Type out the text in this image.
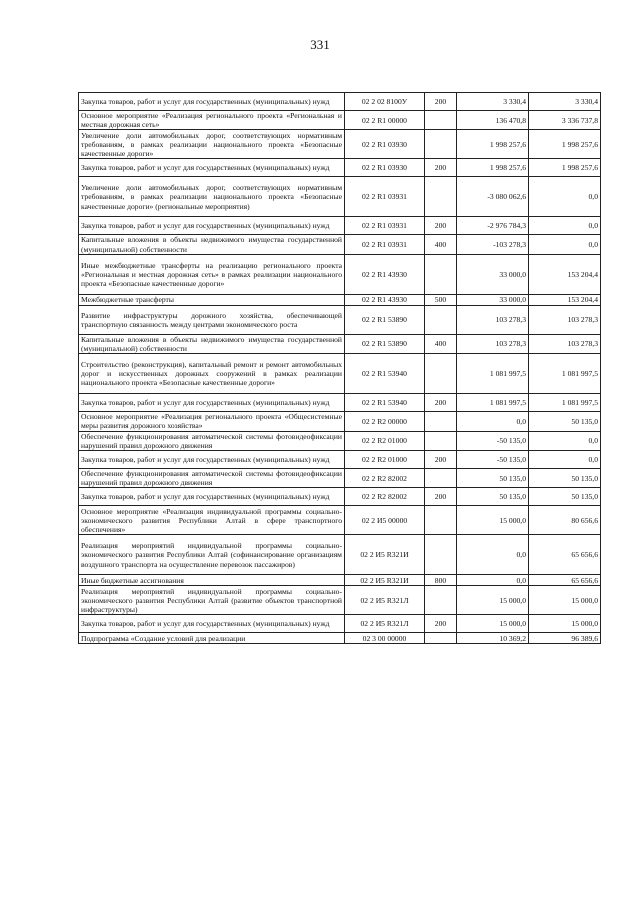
331
Закупка товаров, работ и услуг для государственных (муниципальных) нужд	02 2 02 8100У	200	3 330,4	3 330,4
Основное мероприятие «Реализация регионального проекта «Региональная и местная дорожная сеть»	02 2 R1 00000		136 470,8	3 336 737,8
Увеличение доли автомобильных дорог, соответствующих нормативным требованиям, в рамках реализации национального проекта «Безопасные качественные дороги»	02 2 R1 03930		1 998 257,6	1 998 257,6
Закупка товаров, работ и услуг для государственных (муниципальных) нужд	02 2 R1 03930	200	1 998 257,6	1 998 257,6
Увеличение доли автомобильных дорог, соответствующих нормативным требованиям, в рамках реализации национального проекта «Безопасные качественные дороги» (региональные мероприятия)	02 2 R1 03931		-3 080 062,6	0,0
Закупка товаров, работ и услуг для государственных (муниципальных) нужд	02 2 R1 03931	200	-2 976 784,3	0,0
Капитальные вложения в объекты недвижимого имущества государственной (муниципальной) собственности	02 2 R1 03931	400	-103 278,3	0,0
Иные межбюджетные трансферты на реализацию регионального проекта «Региональная и местная дорожная сеть» в рамках реализации национального проекта «Безопасные качественные дороги»	02 2 R1 43930		33 000,0	153 204,4
Межбюджетные трансферты	02 2 R1 43930	500	33 000,0	153 204,4
Развитие инфраструктуры дорожного хозяйства, обеспечивающей транспортную связанность между центрами экономического роста	02 2 R1 53890		103 278,3	103 278,3
Капитальные вложения в объекты недвижимого имущества государственной (муниципальной) собственности	02 2 R1 53890	400	103 278,3	103 278,3
Строительство (реконструкция), капитальный ремонт и ремонт автомобильных дорог и искусственных дорожных сооружений в рамках реализации национального проекта «Безопасные качественные дороги»	02 2 R1 53940		1 081 997,5	1 081 997,5
Закупка товаров, работ и услуг для государственных (муниципальных) нужд	02 2 R1 53940	200	1 081 997,5	1 081 997,5
Основное мероприятие «Реализация регионального проекта «Общесистемные меры развития дорожного хозяйства»	02 2 R2 00000		0,0	50 135,0
Обеспечение функционирования автоматической системы фотовидеофиксации нарушений правил дорожного движения	02 2 R2 01000		-50 135,0	0,0
Закупка товаров, работ и услуг для государственных (муниципальных) нужд	02 2 R2 01000	200	-50 135,0	0,0
Обеспечение функционирования автоматической системы фотовидеофиксации нарушений правил дорожного движения	02 2 R2 82002		50 135,0	50 135,0
Закупка товаров, работ и услуг для государственных (муниципальных) нужд	02 2 R2 82002	200	50 135,0	50 135,0
Основное мероприятие «Реализация индивидуальной программы социально-экономического развития Республики Алтай в сфере транспортного обеспечения»	02 2 И5 00000		15 000,0	80 656,6
Реализация мероприятий индивидуальной программы социально-экономического развития Республики Алтай (софинансирование организациям воздушного транспорта на осуществление перевозок пассажиров)	02 2 И5 R321И		0,0	65 656,6
Иные бюджетные ассигнования	02 2 И5 R321И	800	0,0	65 656,6
Реализация мероприятий индивидуальной программы социально-экономического развития Республики Алтай (развитие объектов транспортной инфраструктуры)	02 2 И5 R321Л		15 000,0	15 000,0
Закупка товаров, работ и услуг для государственных (муниципальных) нужд	02 2 И5 R321Л	200	15 000,0	15 000,0
Подпрограмма «Создание условий для реализации	02 3 00 00000		10 369,2	96 389,6
